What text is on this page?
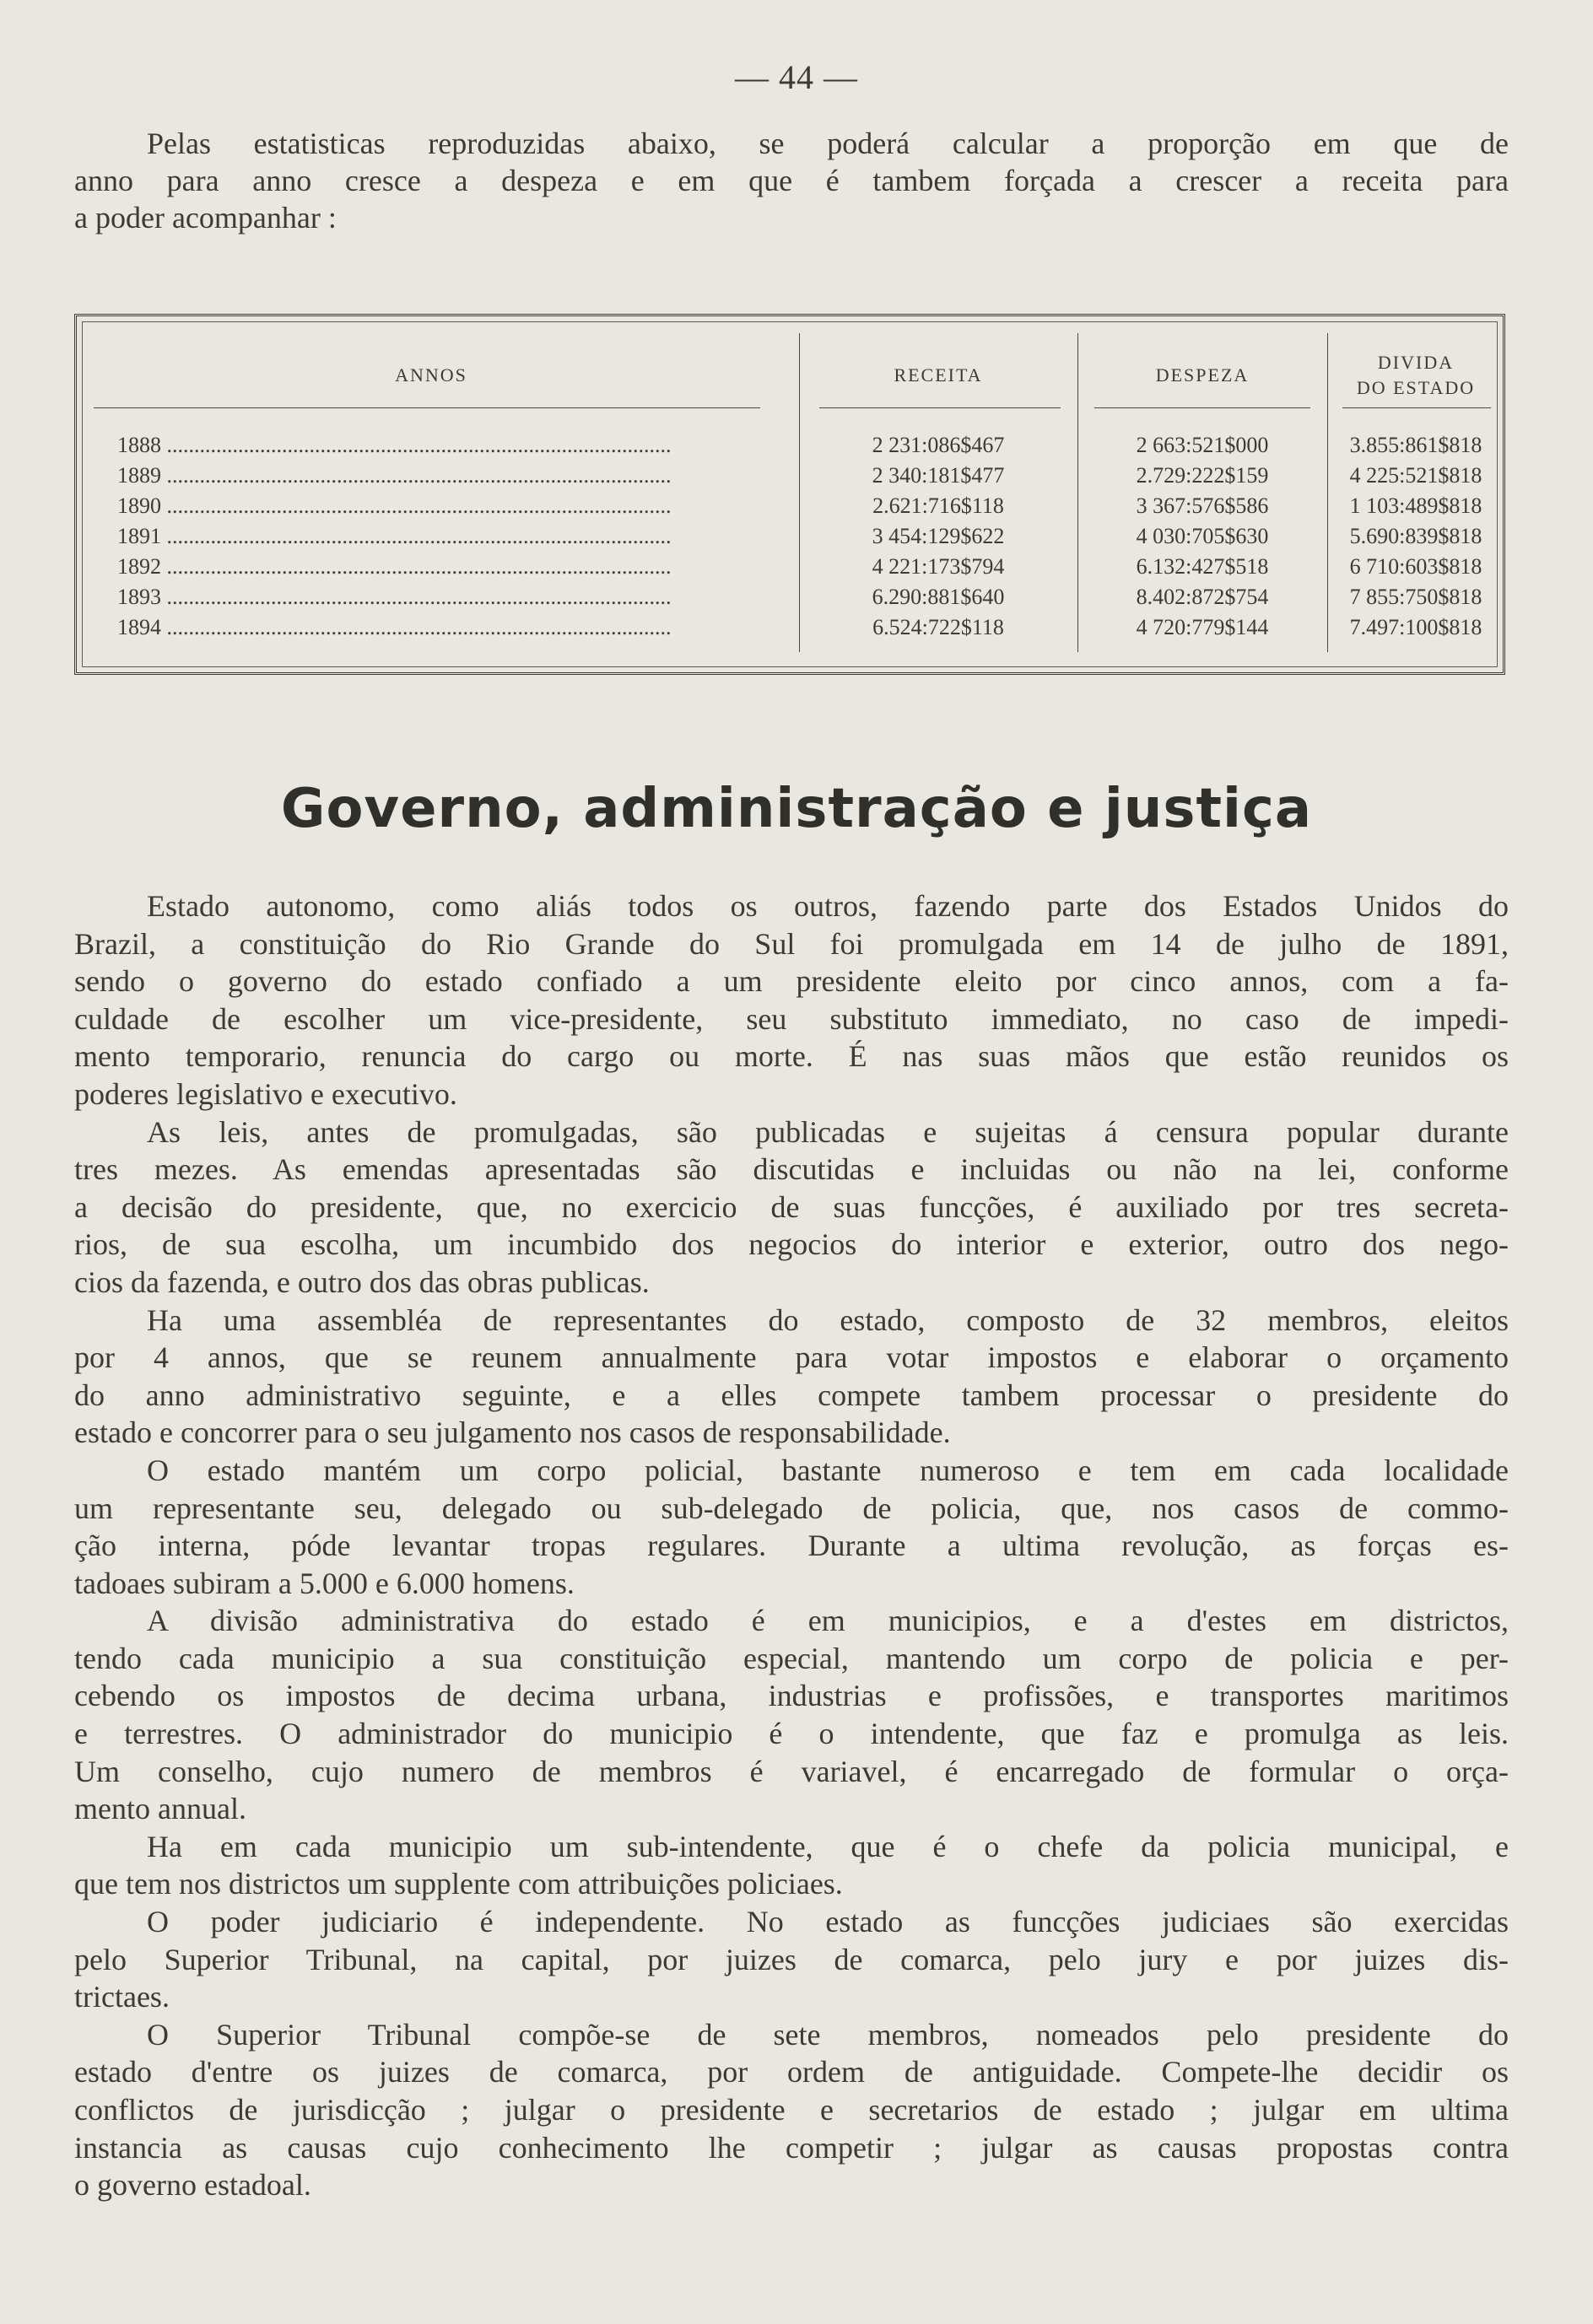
— 44 —
Pelas estatisticas reproduzidas abaixo, se poderá calcular a proporção em que de
anno para anno cresce a despeza e em que é tambem forçada a crescer a receita para
a poder acompanhar :
ANNOS	RECEITA	DESPEZA
DIVIDA
DO ESTADO
1888 ............................................................................................	2 231:086$467	2 663:521$000	3.855:861$818
1889 ............................................................................................	2 340:181$477	2.729:222$159	4 225:521$818
1890 ............................................................................................	2.621:716$118	3 367:576$586	1 103:489$818
1891 ............................................................................................	3 454:129$622	4 030:705$630	5.690:839$818
1892 ............................................................................................	4 221:173$794	6.132:427$518	6 710:603$818
1893 ............................................................................................	6.290:881$640	8.402:872$754	7 855:750$818
1894 ............................................................................................	6.524:722$118	4 720:779$144	7.497:100$818
Governo, administração e justiça
Estado autonomo, como aliás todos os outros, fazendo parte dos Estados Unidos do
Brazil, a constituição do Rio Grande do Sul foi promulgada em 14 de julho de 1891,
sendo o governo do estado confiado a um presidente eleito por cinco annos, com a fa-
culdade de escolher um vice-presidente, seu substituto immediato, no caso de impedi-
mento temporario, renuncia do cargo ou morte. É nas suas mãos que estão reunidos os
poderes legislativo e executivo.
As leis, antes de promulgadas, são publicadas e sujeitas á censura popular durante
tres mezes. As emendas apresentadas são discutidas e incluidas ou não na lei, conforme
a decisão do presidente, que, no exercicio de suas funcções, é auxiliado por tres secreta-
rios, de sua escolha, um incumbido dos negocios do interior e exterior, outro dos nego-
cios da fazenda, e outro dos das obras publicas.
Ha uma assembléa de representantes do estado, composto de 32 membros, eleitos
por 4 annos, que se reunem annualmente para votar impostos e elaborar o orçamento
do anno administrativo seguinte, e a elles compete tambem processar o presidente do
estado e concorrer para o seu julgamento nos casos de responsabilidade.
O estado mantém um corpo policial, bastante numeroso e tem em cada localidade
um representante seu, delegado ou sub-delegado de policia, que, nos casos de commo-
ção interna, póde levantar tropas regulares. Durante a ultima revolução, as forças es-
tadoaes subiram a 5.000 e 6.000 homens.
A divisão administrativa do estado é em municipios, e a d'estes em districtos,
tendo cada municipio a sua constituição especial, mantendo um corpo de policia e per-
cebendo os impostos de decima urbana, industrias e profissões, e transportes maritimos
e terrestres. O administrador do municipio é o intendente, que faz e promulga as leis.
Um conselho, cujo numero de membros é variavel, é encarregado de formular o orça-
mento annual.
Ha em cada municipio um sub-intendente, que é o chefe da policia municipal, e
que tem nos districtos um supplente com attribuições policiaes.
O poder judiciario é independente. No estado as funcções judiciaes são exercidas
pelo Superior Tribunal, na capital, por juizes de comarca, pelo jury e por juizes dis-
trictaes.
O Superior Tribunal compõe-se de sete membros, nomeados pelo presidente do
estado d'entre os juizes de comarca, por ordem de antiguidade. Compete-lhe decidir os
conflictos de jurisdicção ; julgar o presidente e secretarios de estado ; julgar em ultima
instancia as causas cujo conhecimento lhe competir ; julgar as causas propostas contra
o governo estadoal.
